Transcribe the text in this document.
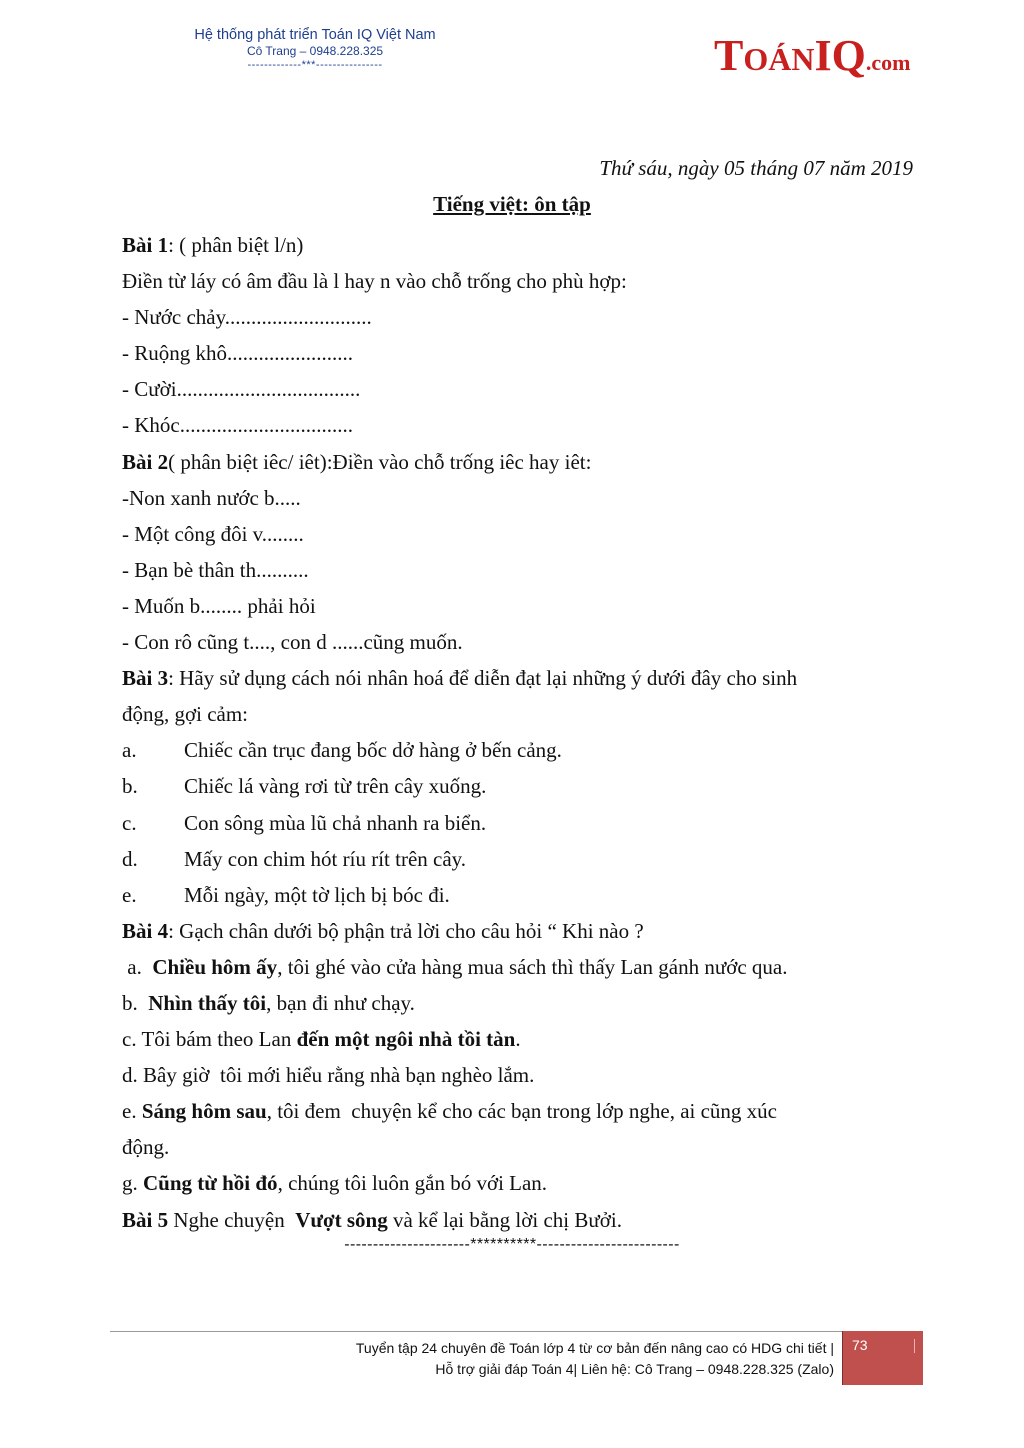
Hệ thống phát triển Toán IQ Việt Nam
Cô Trang – 0948.228.325
-------------***----------------	TOÁNIQ.com
Thứ sáu, ngày 05 tháng 07 năm 2019
Tiếng việt: ôn tập
Bài 1: ( phân biệt l/n)
Điền từ láy có âm đầu là l hay n vào chỗ trống cho phù hợp:
- Nước chảy............................
- Ruộng khô........................
- Cười...................................
- Khóc.................................
Bài 2( phân biệt iêc/ iêt):Điền vào chỗ trống iêc hay iêt:
-Non xanh nước b.....
- Một công đôi v........
- Bạn bè thân th..........
- Muốn b........ phải hỏi
- Con rô cũng t...., con d ......cũng muốn.
Bài 3: Hãy sử dụng cách nói nhân hoá để diễn đạt lại những ý dưới đây cho sinh
động, gợi cảm:
a.	Chiếc cần trục đang bốc dở hàng ở bến cảng.
b.	Chiếc lá vàng rơi từ trên cây xuống.
c.	Con sông mùa lũ chả nhanh ra biển.
d.	Mấy con chim hót ríu rít trên cây.
e.	Mỗi ngày, một tờ lịch bị bóc đi.
Bài 4: Gạch chân dưới bộ phận trả lời cho câu hỏi “ Khi nào ?
a.  Chiều hôm ấy, tôi ghé vào cửa hàng mua sách thì thấy Lan gánh nước qua.
b.  Nhìn thấy tôi, bạn đi như chạy.
c. Tôi bám theo Lan đến một ngôi nhà tồi tàn.
d. Bây giờ  tôi mới hiểu rằng nhà bạn nghèo lắm.
e. Sáng hôm sau, tôi đem  chuyện kể cho các bạn trong lớp nghe, ai cũng xúc
động.
g. Cũng từ hồi đó, chúng tôi luôn gắn bó với Lan.
Bài 5 Nghe chuyện  Vượt sông và kể lại bằng lời chị Bưởi.
----------------------**********-------------------------
Tuyển tập 24 chuyên đề Toán lớp 4 từ cơ bản đến nâng cao có HDG chi tiết |
Hỗ trợ giải đáp Toán 4| Liên hệ: Cô Trang – 0948.228.325 (Zalo)
73
